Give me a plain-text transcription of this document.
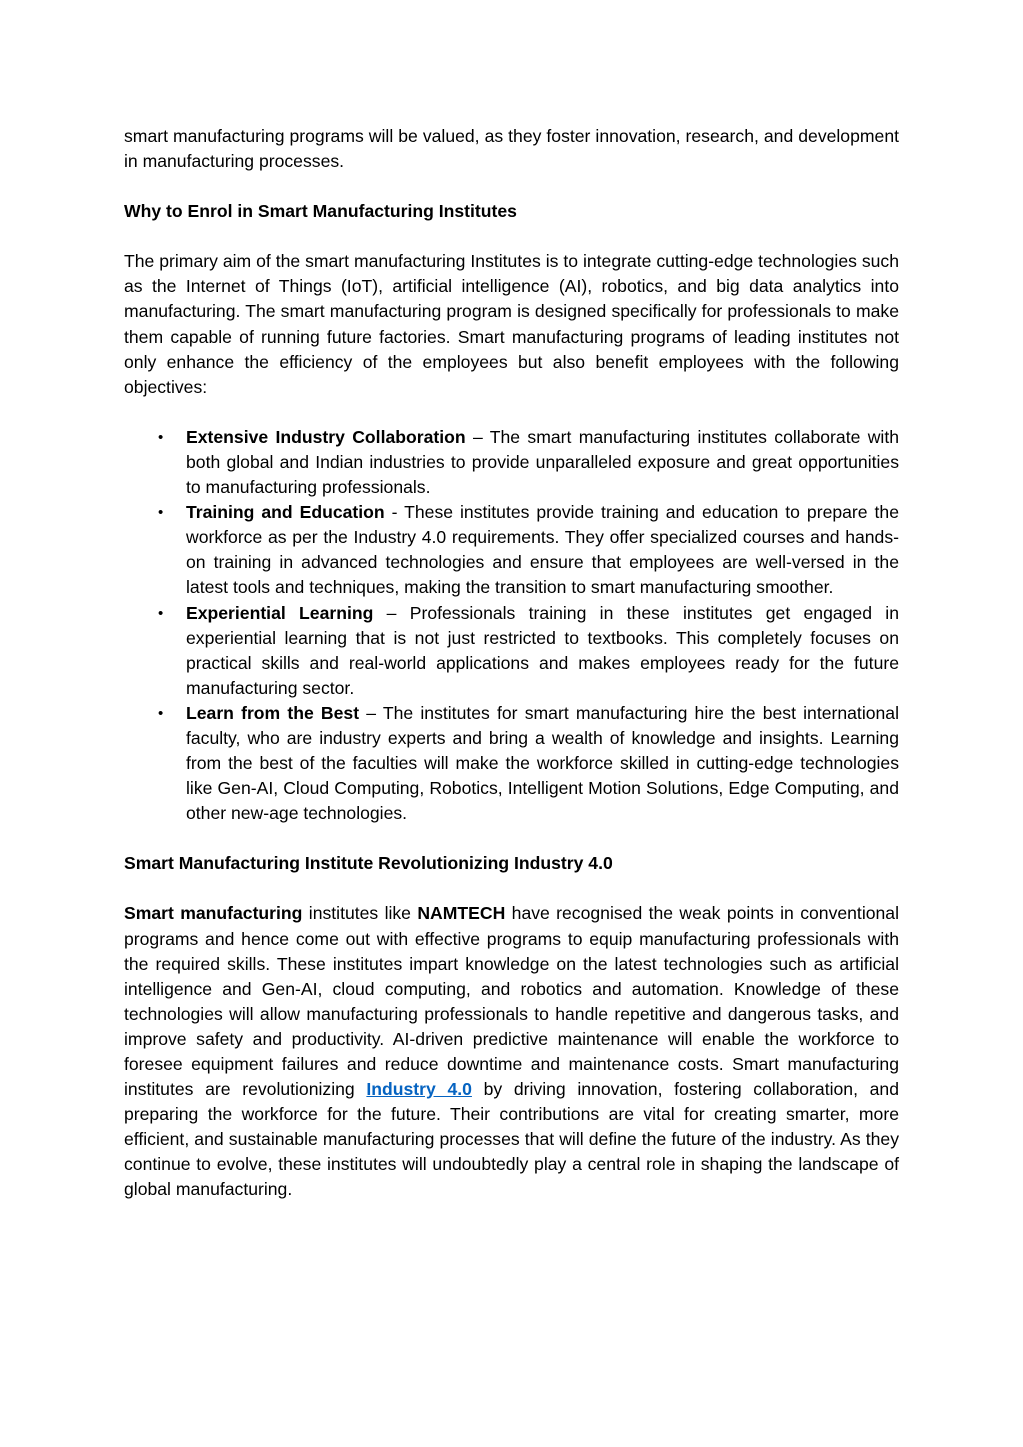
smart manufacturing programs will be valued, as they foster innovation, research, and development in manufacturing processes.

Why to Enrol in Smart Manufacturing Institutes

The primary aim of the smart manufacturing Institutes is to integrate cutting-edge technologies such as the Internet of Things (IoT), artificial intelligence (AI), robotics, and big data analytics into manufacturing. The smart manufacturing program is designed specifically for professionals to make them capable of running future factories. Smart manufacturing programs of leading institutes not only enhance the efficiency of the employees but also benefit employees with the following objectives:

• Extensive Industry Collaboration – The smart manufacturing institutes collaborate with both global and Indian industries to provide unparalleled exposure and great opportunities to manufacturing professionals.
• Training and Education - These institutes provide training and education to prepare the workforce as per the Industry 4.0 requirements. They offer specialized courses and hands-on training in advanced technologies and ensure that employees are well-versed in the latest tools and techniques, making the transition to smart manufacturing smoother.
• Experiential Learning – Professionals training in these institutes get engaged in experiential learning that is not just restricted to textbooks. This completely focuses on practical skills and real-world applications and makes employees ready for the future manufacturing sector.
• Learn from the Best – The institutes for smart manufacturing hire the best international faculty, who are industry experts and bring a wealth of knowledge and insights. Learning from the best of the faculties will make the workforce skilled in cutting-edge technologies like Gen-AI, Cloud Computing, Robotics, Intelligent Motion Solutions, Edge Computing, and other new-age technologies.

Smart Manufacturing Institute Revolutionizing Industry 4.0

Smart manufacturing institutes like NAMTECH have recognised the weak points in conventional programs and hence come out with effective programs to equip manufacturing professionals with the required skills. These institutes impart knowledge on the latest technologies such as artificial intelligence and Gen-AI, cloud computing, and robotics and automation. Knowledge of these technologies will allow manufacturing professionals to handle repetitive and dangerous tasks, and improve safety and productivity. AI-driven predictive maintenance will enable the workforce to foresee equipment failures and reduce downtime and maintenance costs. Smart manufacturing institutes are revolutionizing Industry 4.0 by driving innovation, fostering collaboration, and preparing the workforce for the future. Their contributions are vital for creating smarter, more efficient, and sustainable manufacturing processes that will define the future of the industry. As they continue to evolve, these institutes will undoubtedly play a central role in shaping the landscape of global manufacturing.
